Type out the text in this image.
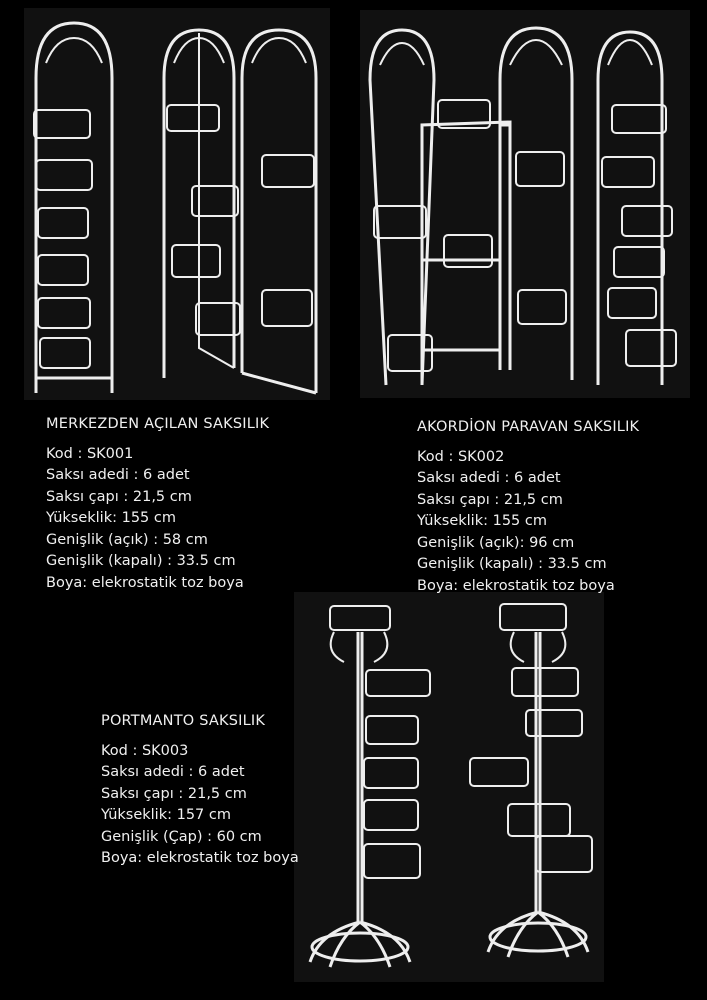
MERKEZDEN AÇILAN SAKSILIK
Kod : SK001
Saksı adedi : 6 adet
Saksı çapı : 21,5 cm
Yükseklik: 155 cm
Genişlik (açık) : 58 cm
Genişlik (kapalı) : 33.5 cm
Boya: elekrostatik toz boya
AKORDİON PARAVAN SAKSILIK
Kod : SK002
Saksı adedi : 6 adet
Saksı çapı : 21,5 cm
Yükseklik: 155 cm
Genişlik (açık): 96 cm
Genişlik (kapalı) : 33.5 cm
Boya: elekrostatik toz boya
PORTMANTO SAKSILIK
Kod : SK003
Saksı adedi : 6 adet
Saksı çapı : 21,5 cm
Yükseklik: 157 cm
Genişlik (Çap) : 60 cm
Boya: elekrostatik toz boya
